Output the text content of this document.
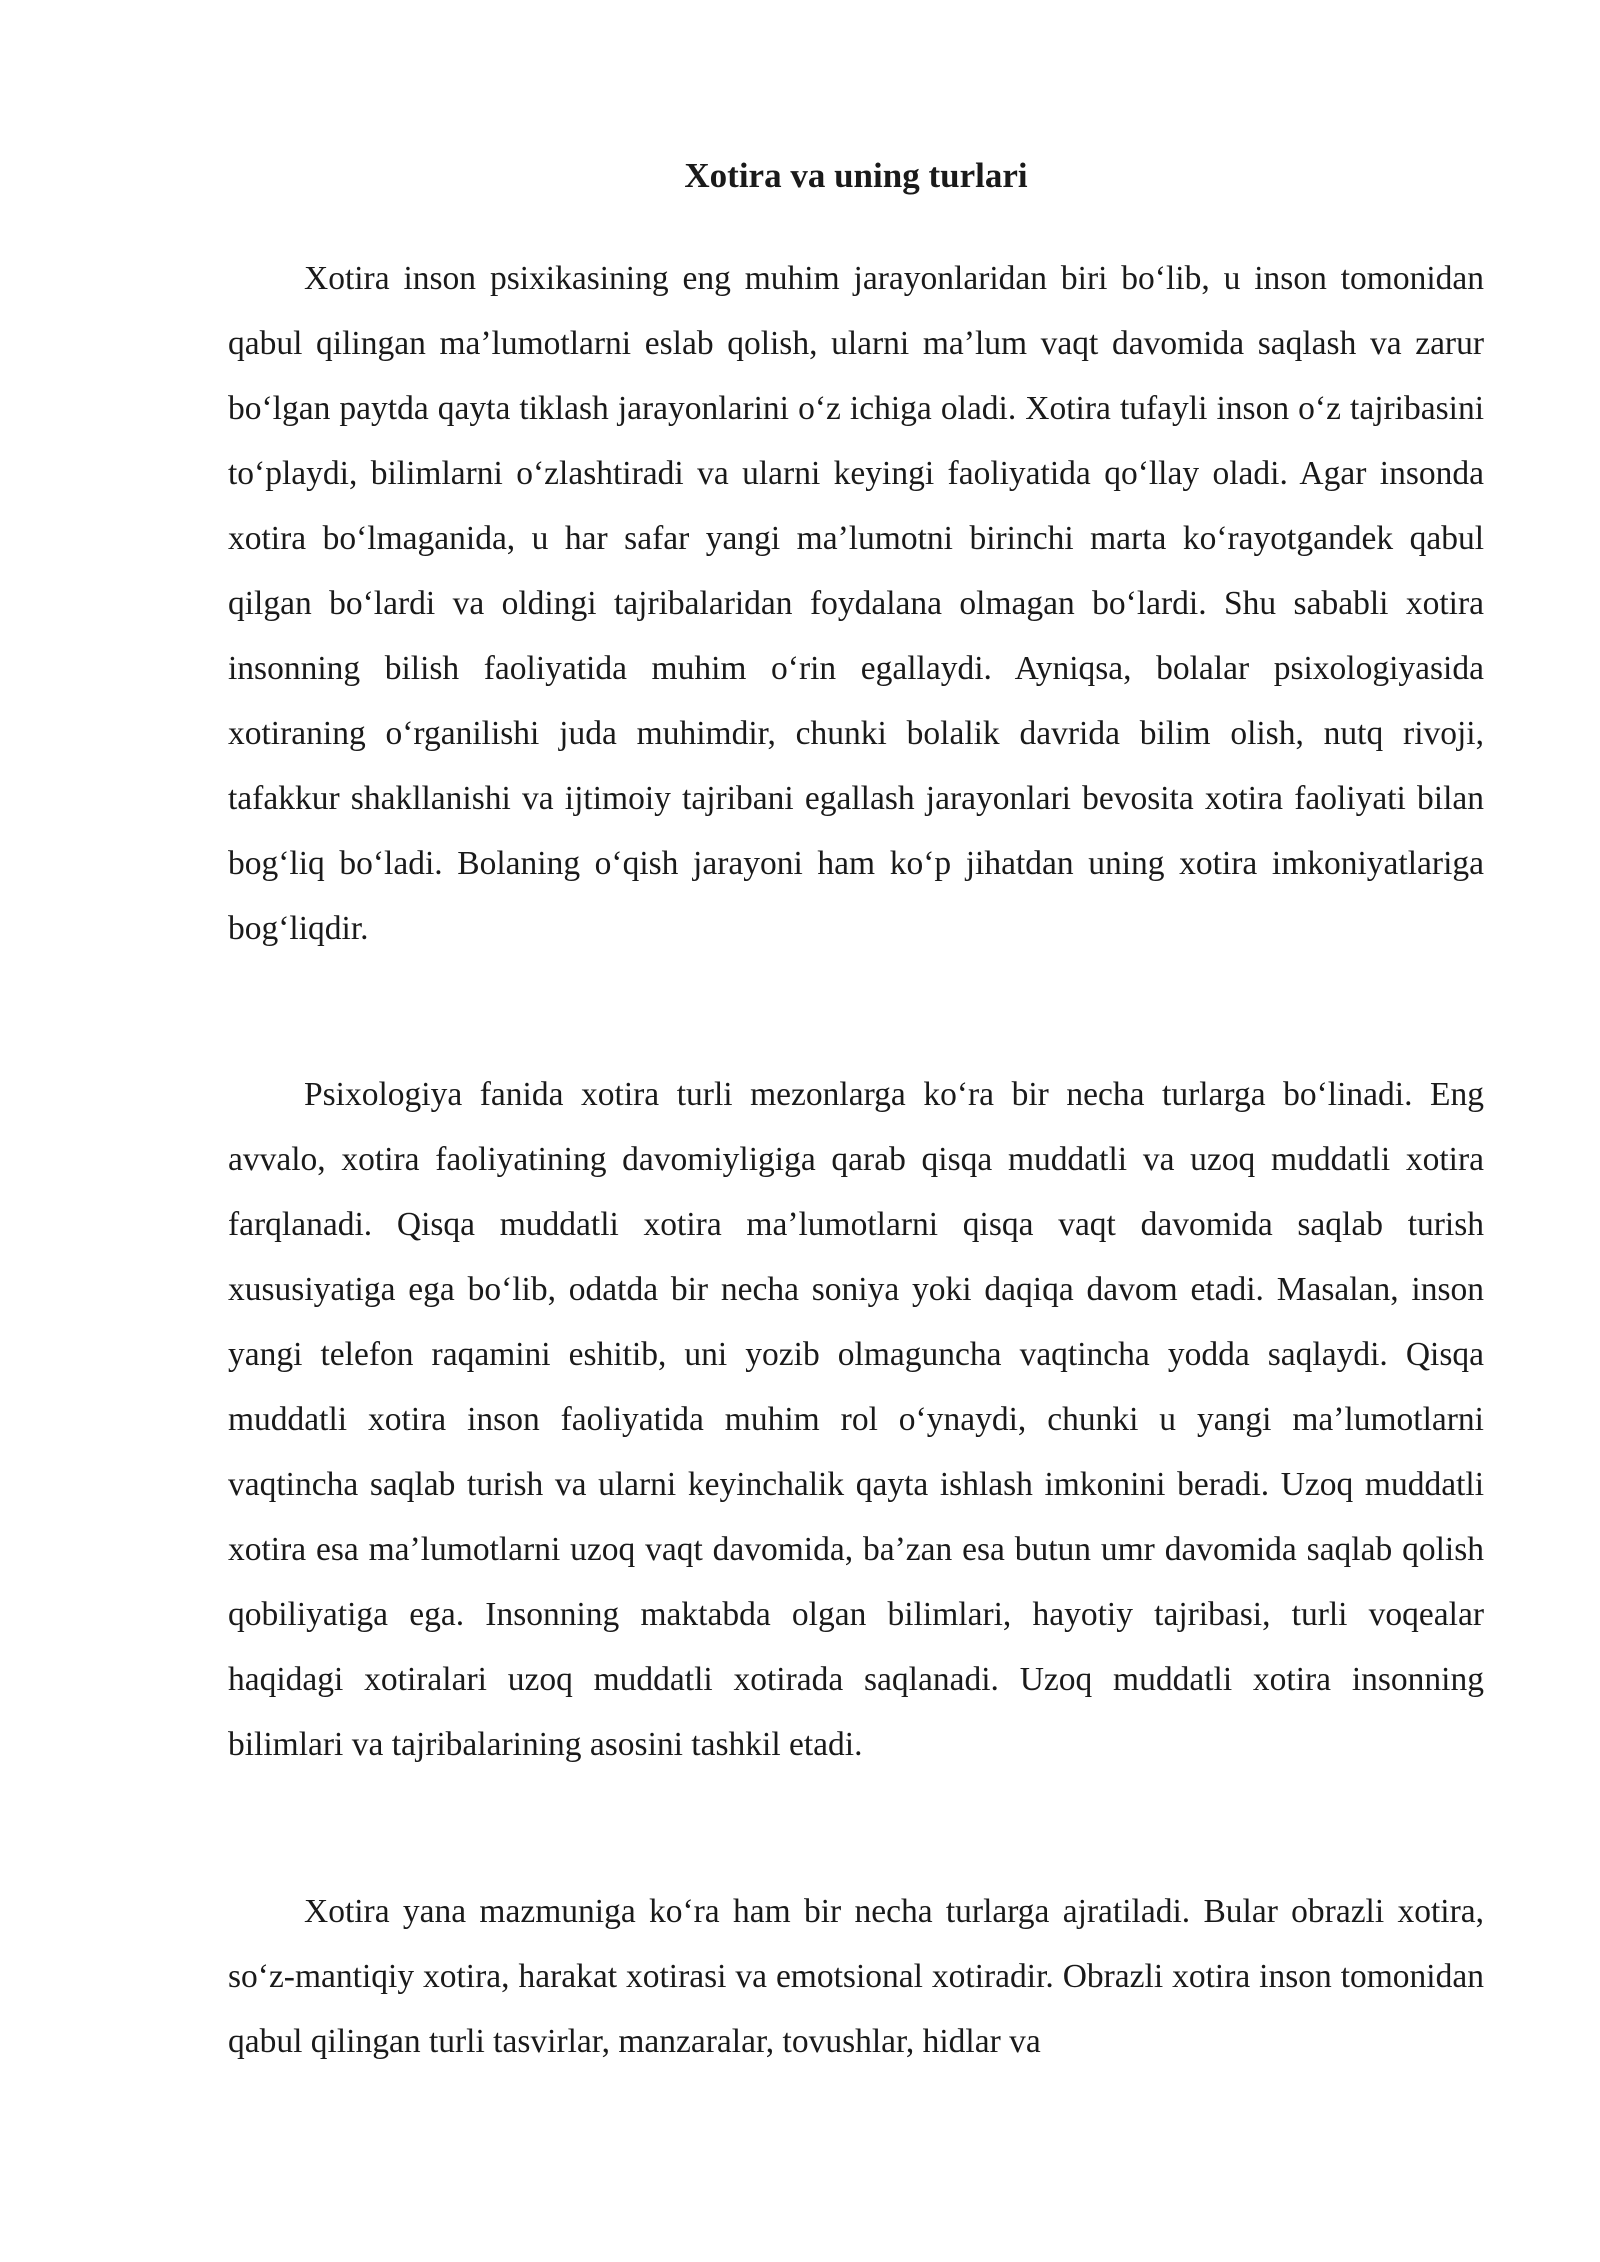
Xotira va uning turlari

Xotira inson psixikasining eng muhim jarayonlaridan biri boʻlib, u inson tomonidan qabul qilingan maʼlumotlarni eslab qolish, ularni maʼlum vaqt davomida saqlash va zarur boʻlgan paytda qayta tiklash jarayonlarini oʻz ichiga oladi. Xotira tufayli inson oʻz tajribasini toʻplaydi, bilimlarni oʻzlashtiradi va ularni keyingi faoliyatida qoʻllay oladi. Agar insonda xotira boʻlmaganida, u har safar yangi maʼlumotni birinchi marta koʻrayotgandek qabul qilgan boʻlardi va oldingi tajribalaridan foydalana olmagan boʻlardi. Shu sababli xotira insonning bilish faoliyatida muhim oʻrin egallaydi. Ayniqsa, bolalar psixologiyasida xotiraning oʻrganilishi juda muhimdir, chunki bolalik davrida bilim olish, nutq rivoji, tafakkur shakllanishi va ijtimoiy tajribani egallash jarayonlari bevosita xotira faoliyati bilan bogʻliq boʻladi. Bolaning oʻqish jarayoni ham koʻp jihatdan uning xotira imkoniyatlariga bogʻliqdir.

Psixologiya fanida xotira turli mezonlarga koʻra bir necha turlarga boʻlinadi. Eng avvalo, xotira faoliyatining davomiyligiga qarab qisqa muddatli va uzoq muddatli xotira farqlanadi. Qisqa muddatli xotira maʼlumotlarni qisqa vaqt davomida saqlab turish xususiyatiga ega boʻlib, odatda bir necha soniya yoki daqiqa davom etadi. Masalan, inson yangi telefon raqamini eshitib, uni yozib olmaguncha vaqtincha yodda saqlaydi. Qisqa muddatli xotira inson faoliyatida muhim rol oʻynaydi, chunki u yangi maʼlumotlarni vaqtincha saqlab turish va ularni keyinchalik qayta ishlash imkonini beradi. Uzoq muddatli xotira esa maʼlumotlarni uzoq vaqt davomida, baʼzan esa butun umr davomida saqlab qolish qobiliyatiga ega. Insonning maktabda olgan bilimlari, hayotiy tajribasi, turli voqealar haqidagi xotiralari uzoq muddatli xotirada saqlanadi. Uzoq muddatli xotira insonning bilimlari va tajribalarining asosini tashkil etadi.

Xotira yana mazmuniga koʻra ham bir necha turlarga ajratiladi. Bular obrazli xotira, soʻz-mantiqiy xotira, harakat xotirasi va emotsional xotiradir. Obrazli xotira inson tomonidan qabul qilingan turli tasvirlar, manzaralar, tovushlar, hidlar va
